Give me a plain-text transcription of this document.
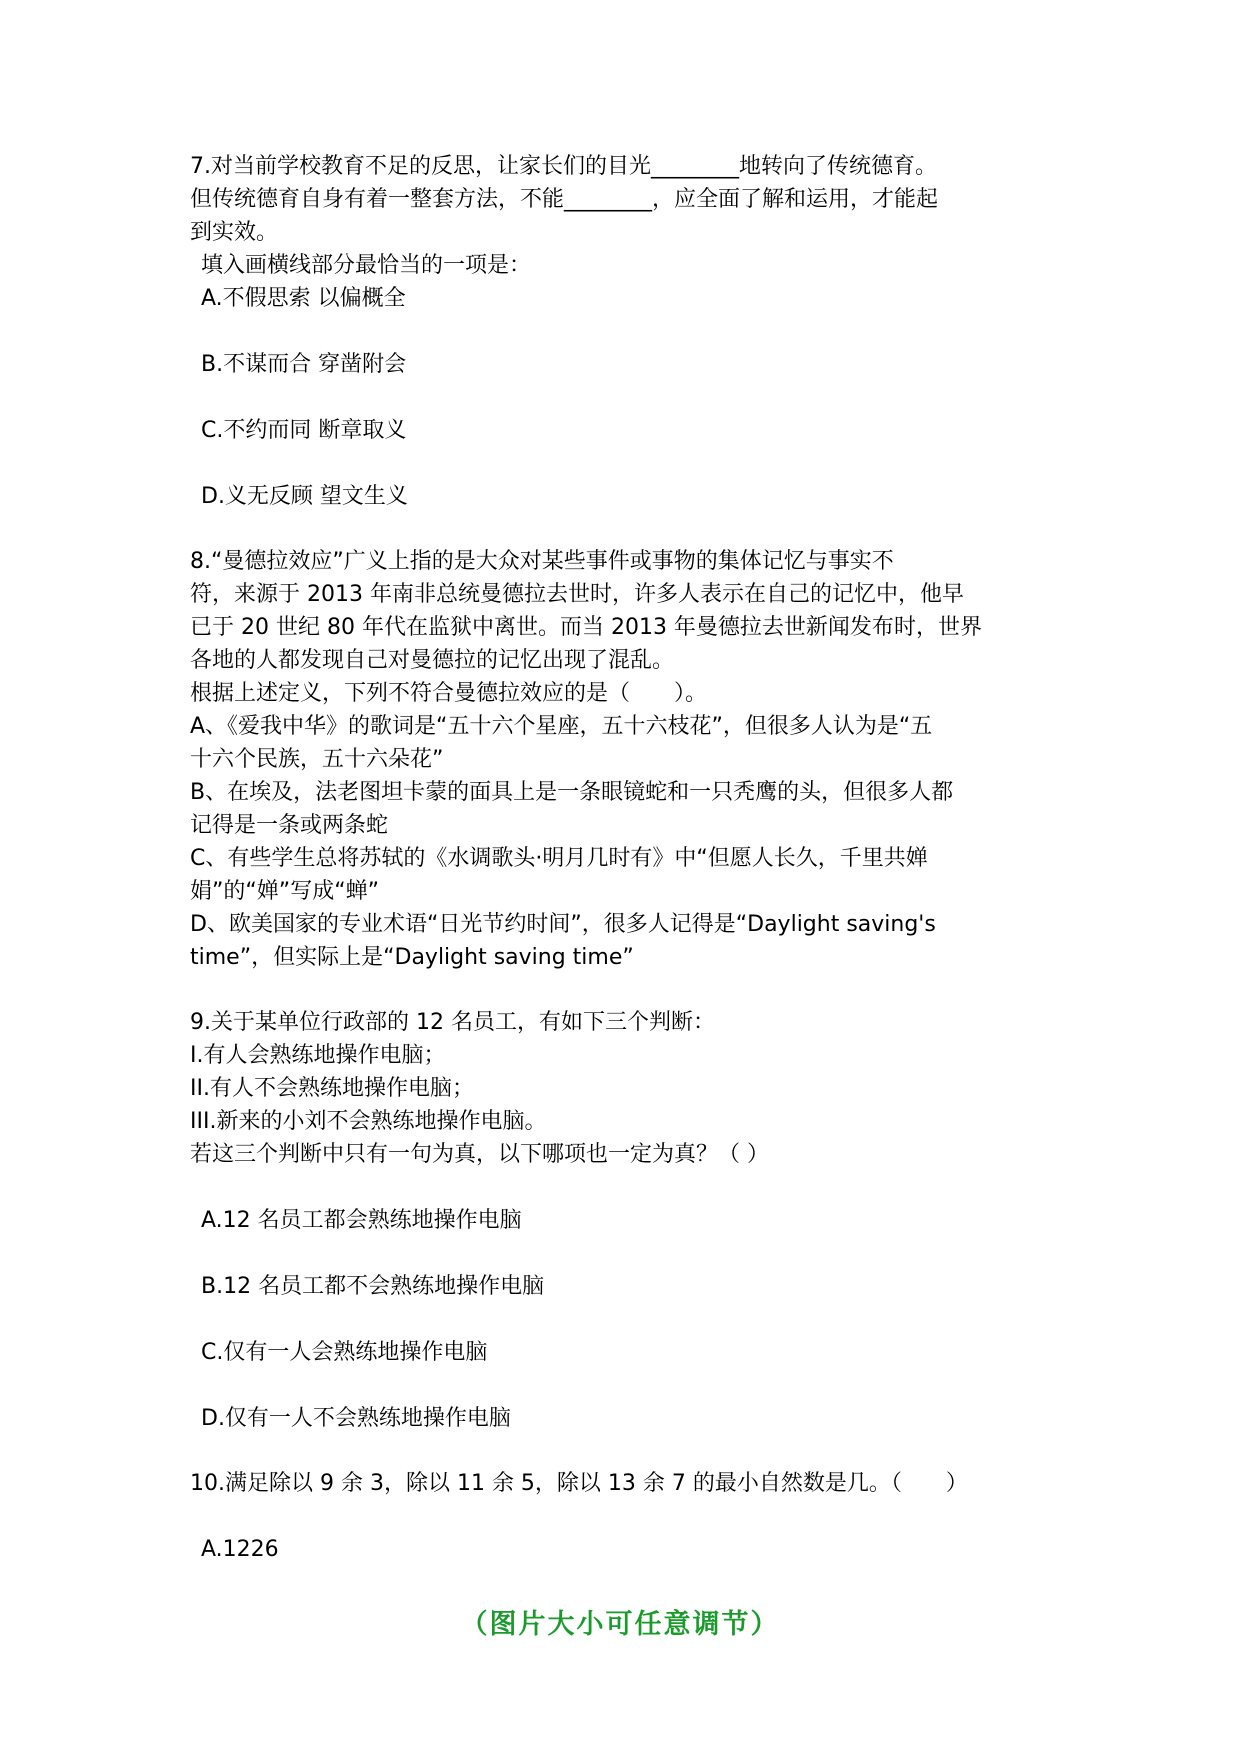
7.对当前学校教育不足的反思，让家长们的目光________地转向了传统德育。
但传统德育自身有着一整套方法，不能________，应全面了解和运用，才能起
到实效。
填入画横线部分最恰当的一项是：
A.不假思索 以偏概全
B.不谋而合 穿凿附会
C.不约而同 断章取义
D.义无反顾 望文生义
8.“曼德拉效应”广义上指的是大众对某些事件或事物的集体记忆与事实不
符，来源于 2013 年南非总统曼德拉去世时，许多人表示在自己的记忆中，他早
已于 20 世纪 80 年代在监狱中离世。而当 2013 年曼德拉去世新闻发布时，世界
各地的人都发现自己对曼德拉的记忆出现了混乱。
根据上述定义，下列不符合曼德拉效应的是（　　）。
A、《爱我中华》的歌词是“五十六个星座，五十六枝花”，但很多人认为是“五
十六个民族，五十六朵花”
B、在埃及，法老图坦卡蒙的面具上是一条眼镜蛇和一只秃鹰的头，但很多人都
记得是一条或两条蛇
C、有些学生总将苏轼的《水调歌头·明月几时有》中“但愿人长久，千里共婵
娟”的“婵”写成“蝉”
D、欧美国家的专业术语“日光节约时间”，很多人记得是“Daylight saving's
time”，但实际上是“Daylight saving time”
9.关于某单位行政部的 12 名员工，有如下三个判断：
I.有人会熟练地操作电脑；
II.有人不会熟练地操作电脑；
III.新来的小刘不会熟练地操作电脑。
若这三个判断中只有一句为真，以下哪项也一定为真？（ ）
A.12 名员工都会熟练地操作电脑
B.12 名员工都不会熟练地操作电脑
C.仅有一人会熟练地操作电脑
D.仅有一人不会熟练地操作电脑
10.满足除以 9 余 3，除以 11 余 5，除以 13 余 7 的最小自然数是几。（　　）
A.1226
（图片大小可任意调节）
